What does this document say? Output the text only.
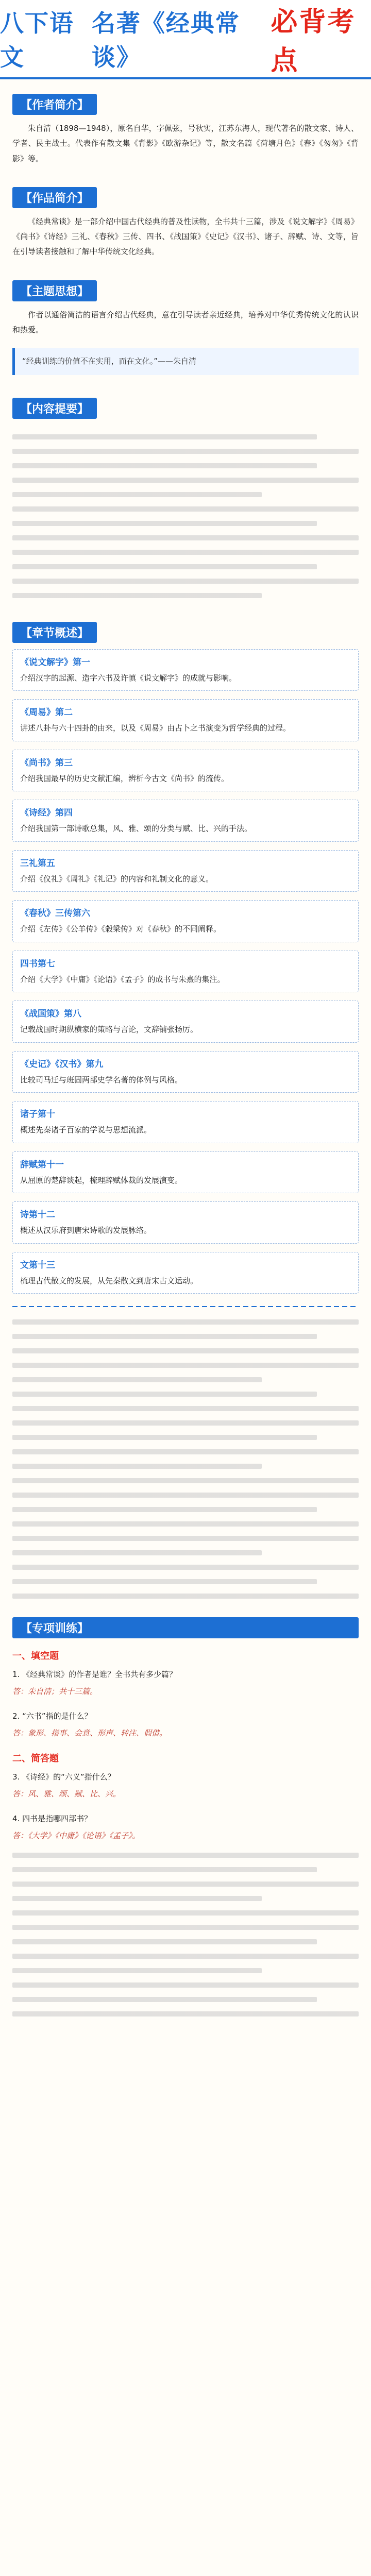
八下语文
名著《经典常谈》
必背考点
【作者简介】

朱自清（1898—1948），原名自华，字佩弦，号秋实，江苏东海人，现代著名的散文家、诗人、学者、民主战士。代表作有散文集《背影》《欧游杂记》等，散文名篇《荷塘月色》《春》《匆匆》《背影》等。

【作品简介】

《经典常谈》是一部介绍中国古代经典的普及性读物，全书共十三篇，涉及《说文解字》《周易》《尚书》《诗经》三礼、《春秋》三传、四书、《战国策》《史记》《汉书》、诸子、辞赋、诗、文等，旨在引导读者接触和了解中华传统文化经典。

【主题思想】

作者以通俗简洁的语言介绍古代经典，意在引导读者亲近经典，培养对中华优秀传统文化的认识和热爱。

“经典训练的价值不在实用，而在文化。”——朱自清
【内容提要】
【章节概述】
《说文解字》第一
介绍汉字的起源、造字六书及许慎《说文解字》的成就与影响。
《周易》第二
讲述八卦与六十四卦的由来，以及《周易》由占卜之书演变为哲学经典的过程。
《尚书》第三
介绍我国最早的历史文献汇编，辨析今古文《尚书》的流传。
《诗经》第四
介绍我国第一部诗歌总集，风、雅、颂的分类与赋、比、兴的手法。
三礼第五
介绍《仪礼》《周礼》《礼记》的内容和礼制文化的意义。
《春秋》三传第六
介绍《左传》《公羊传》《穀梁传》对《春秋》的不同阐释。
四书第七
介绍《大学》《中庸》《论语》《孟子》的成书与朱熹的集注。
《战国策》第八
记载战国时期纵横家的策略与言论，文辞铺张扬厉。
《史记》《汉书》第九
比较司马迁与班固两部史学名著的体例与风格。
诸子第十
概述先秦诸子百家的学说与思想流派。
辞赋第十一
从屈原的楚辞谈起，梳理辞赋体裁的发展演变。
诗第十二
概述从汉乐府到唐宋诗歌的发展脉络。
文第十三
梳理古代散文的发展，从先秦散文到唐宋古文运动。
【专项训练】
一、填空题
1. 《经典常谈》的作者是谁？全书共有多少篇？
答：朱自清；共十三篇。
2. “六书”指的是什么？
答：象形、指事、会意、形声、转注、假借。
二、简答题
3. 《诗经》的“六义”指什么？
答：风、雅、颂、赋、比、兴。
4. 四书是指哪四部书？
答：《大学》《中庸》《论语》《孟子》。
